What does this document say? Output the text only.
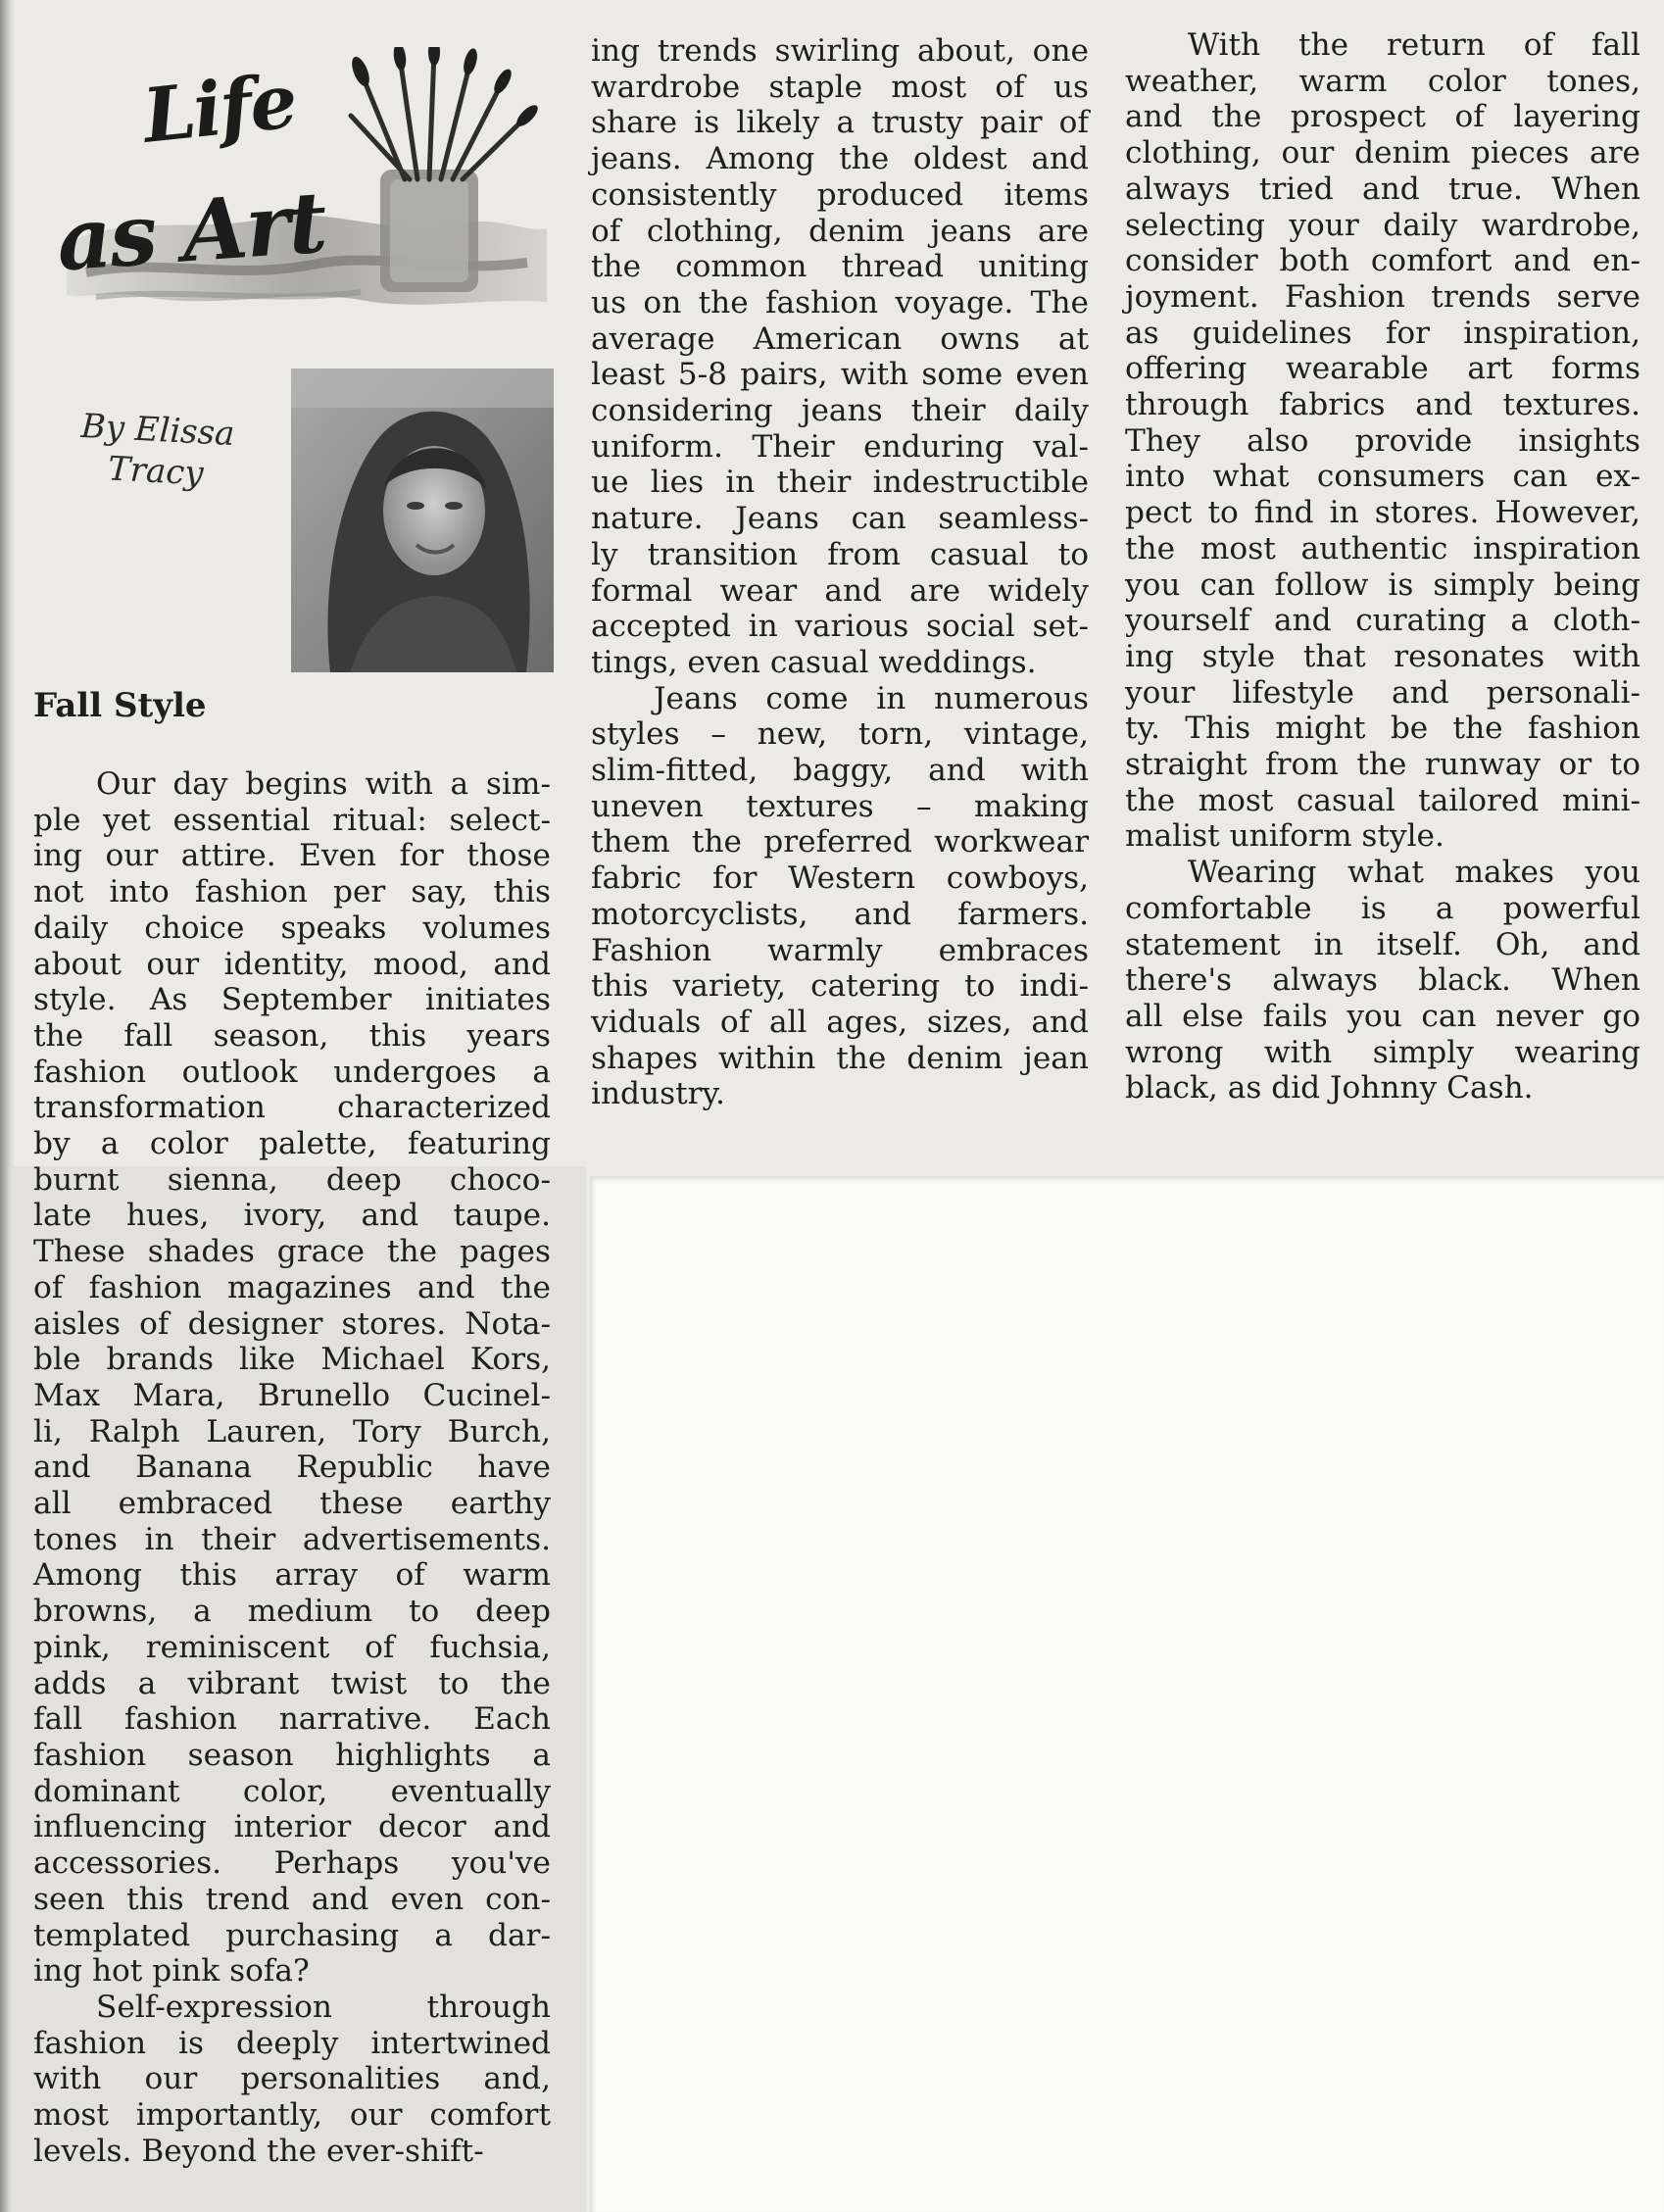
Life
as Art
By Elissa
Tracy
Fall Style

Our day begins with a sim-
ple yet essential ritual: select-
ing our attire. Even for those
not into fashion per say, this
daily choice speaks volumes
about our identity, mood, and
style. As September initiates
the fall season, this years
fashion outlook undergoes a
transformation characterized
by a color palette, featuring
burnt sienna, deep choco-
late hues, ivory, and taupe.
These shades grace the pages
of fashion magazines and the
aisles of designer stores. Nota-
ble brands like Michael Kors,
Max Mara, Brunello Cucinel-
li, Ralph Lauren, Tory Burch,
and Banana Republic have
all embraced these earthy
tones in their advertisements.
Among this array of warm
browns, a medium to deep
pink, reminiscent of fuchsia,
adds a vibrant twist to the
fall fashion narrative. Each
fashion season highlights a
dominant color, eventually
influencing interior decor and
accessories. Perhaps you've
seen this trend and even con-
templated purchasing a dar-
ing hot pink sofa?

Self-expression through
fashion is deeply intertwined
with our personalities and,
most importantly, our comfort
levels. Beyond the ever-shift-

ing trends swirling about, one
wardrobe staple most of us
share is likely a trusty pair of
jeans. Among the oldest and
consistently produced items
of clothing, denim jeans are
the common thread uniting
us on the fashion voyage. The
average American owns at
least 5-8 pairs, with some even
considering jeans their daily
uniform. Their enduring val-
ue lies in their indestructible
nature. Jeans can seamless-
ly transition from casual to
formal wear and are widely
accepted in various social set-
tings, even casual weddings.

Jeans come in numerous
styles – new, torn, vintage,
slim-fitted, baggy, and with
uneven textures – making
them the preferred workwear
fabric for Western cowboys,
motorcyclists, and farmers.
Fashion warmly embraces
this variety, catering to indi-
viduals of all ages, sizes, and
shapes within the denim jean
industry.

With the return of fall
weather, warm color tones,
and the prospect of layering
clothing, our denim pieces are
always tried and true. When
selecting your daily wardrobe,
consider both comfort and en-
joyment. Fashion trends serve
as guidelines for inspiration,
offering wearable art forms
through fabrics and textures.
They also provide insights
into what consumers can ex-
pect to find in stores. However,
the most authentic inspiration
you can follow is simply being
yourself and curating a cloth-
ing style that resonates with
your lifestyle and personali-
ty. This might be the fashion
straight from the runway or to
the most casual tailored mini-
malist uniform style.

Wearing what makes you
comfortable is a powerful
statement in itself. Oh, and
there's always black. When
all else fails you can never go
wrong with simply wearing
black, as did Johnny Cash.
